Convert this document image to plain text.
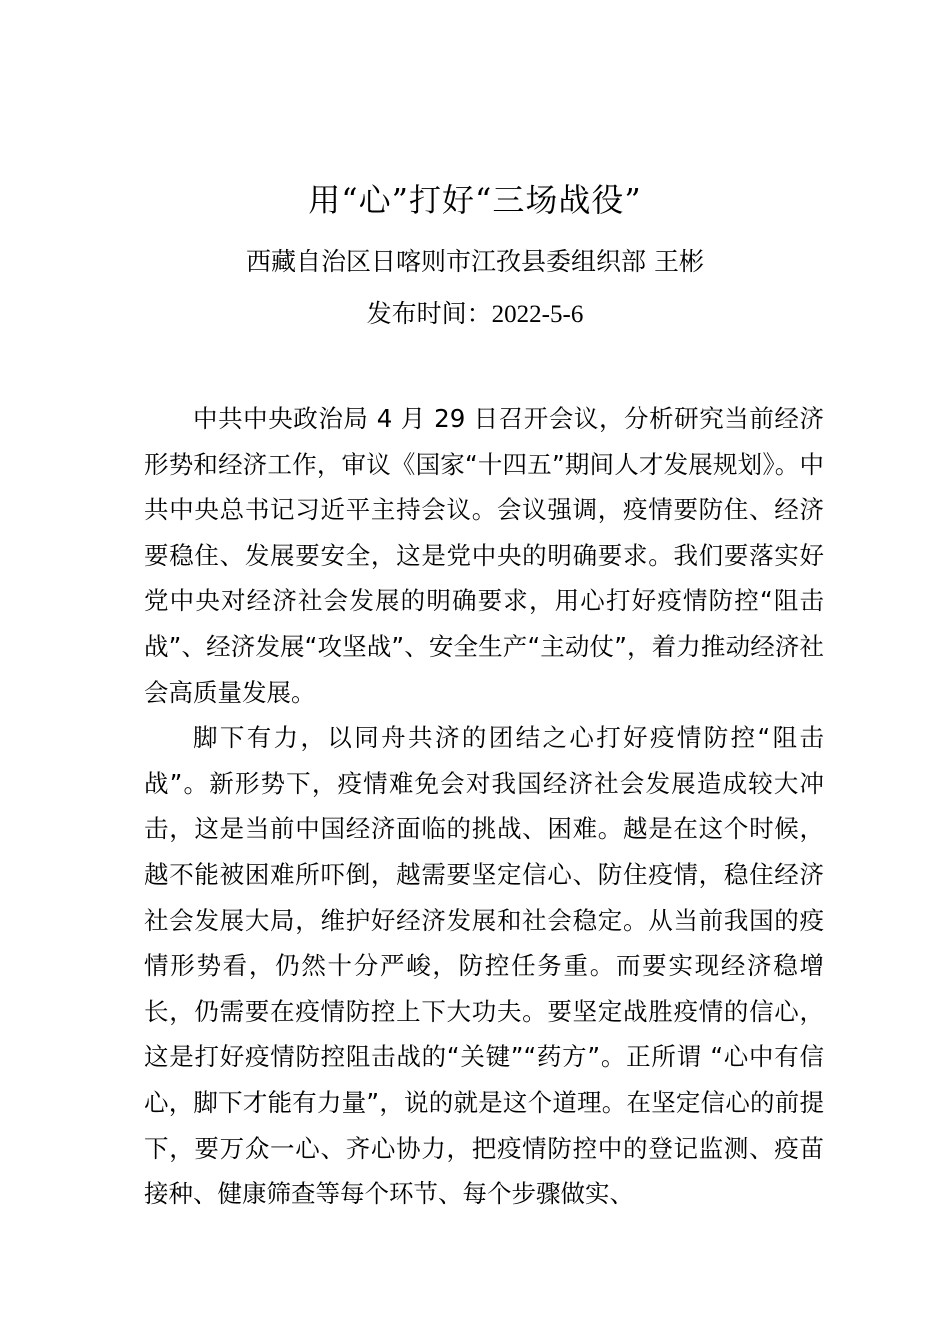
用“心”打好“三场战役”
西藏自治区日喀则市江孜县委组织部 王彬
发布时间：2022-5-6

中共中央政治局 4 月 29 日召开会议，分析研究当前经济形势和经济工作，审议《国家“十四五”期间人才发展规划》。中共中央总书记习近平主持会议。会议强调，疫情要防住、经济要稳住、发展要安全，这是党中央的明确要求。我们要落实好党中央对经济社会发展的明确要求，用心打好疫情防控“阻击战”、经济发展“攻坚战”、安全生产“主动仗”，着力推动经济社会高质量发展。

脚下有力，以同舟共济的团结之心打好疫情防控“阻击战”。新形势下，疫情难免会对我国经济社会发展造成较大冲击，这是当前中国经济面临的挑战、困难。越是在这个时候，越不能被困难所吓倒，越需要坚定信心、防住疫情，稳住经济社会发展大局，维护好经济发展和社会稳定。从当前我国的疫情形势看，仍然十分严峻，防控任务重。而要实现经济稳增长，仍需要在疫情防控上下大功夫。要坚定战胜疫情的信心，这是打好疫情防控阻击战的“关键”“药方”。正所谓 “心中有信心，脚下才能有力量”，说的就是这个道理。在坚定信心的前提下，要万众一心、齐心协力，把疫情防控中的登记监测、疫苗接种、健康筛查等每个环节、每个步骤做实、
